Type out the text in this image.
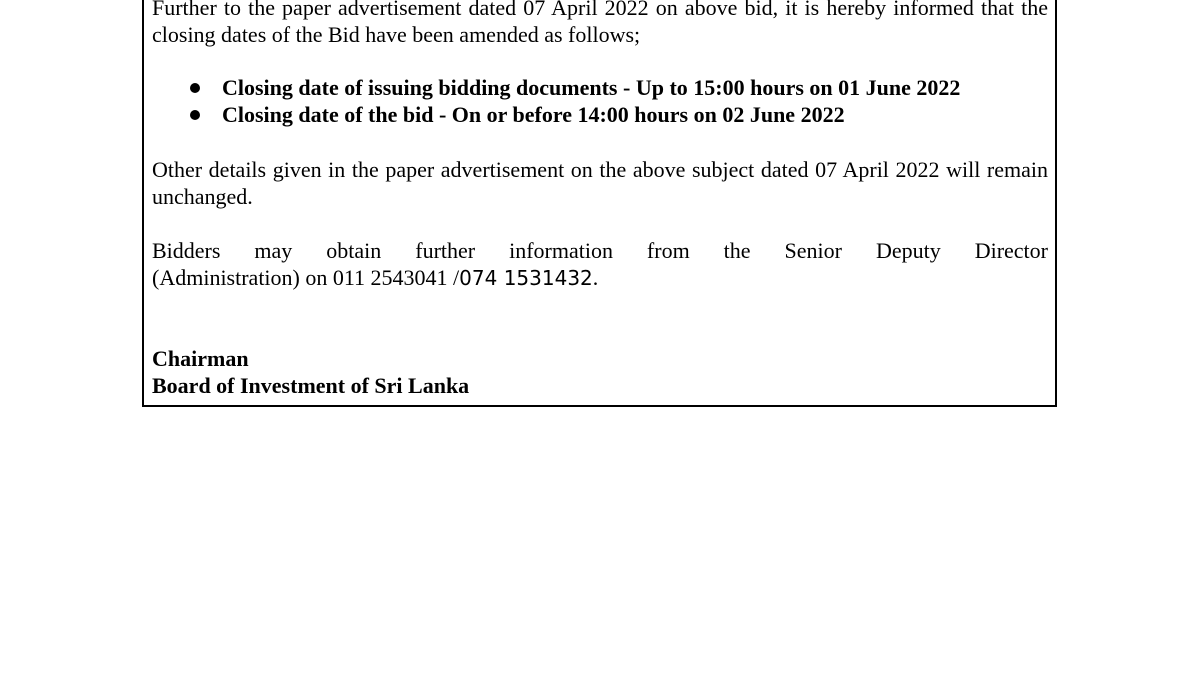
Further to the paper advertisement dated 07 April 2022 on above bid, it is hereby informed that the closing dates of the Bid have been amended as follows;

Closing date of issuing bidding documents - Up to 15:00 hours on 01 June 2022
Closing date of the bid - On or before 14:00 hours on 02 June 2022

Other details given in the paper advertisement on the above subject dated 07 April 2022 will remain unchanged.

Bidders may obtain further information from the Senior Deputy Director

(Administration) on 011 2543041 /074 1531432.

Chairman
Board of Investment of Sri Lanka
